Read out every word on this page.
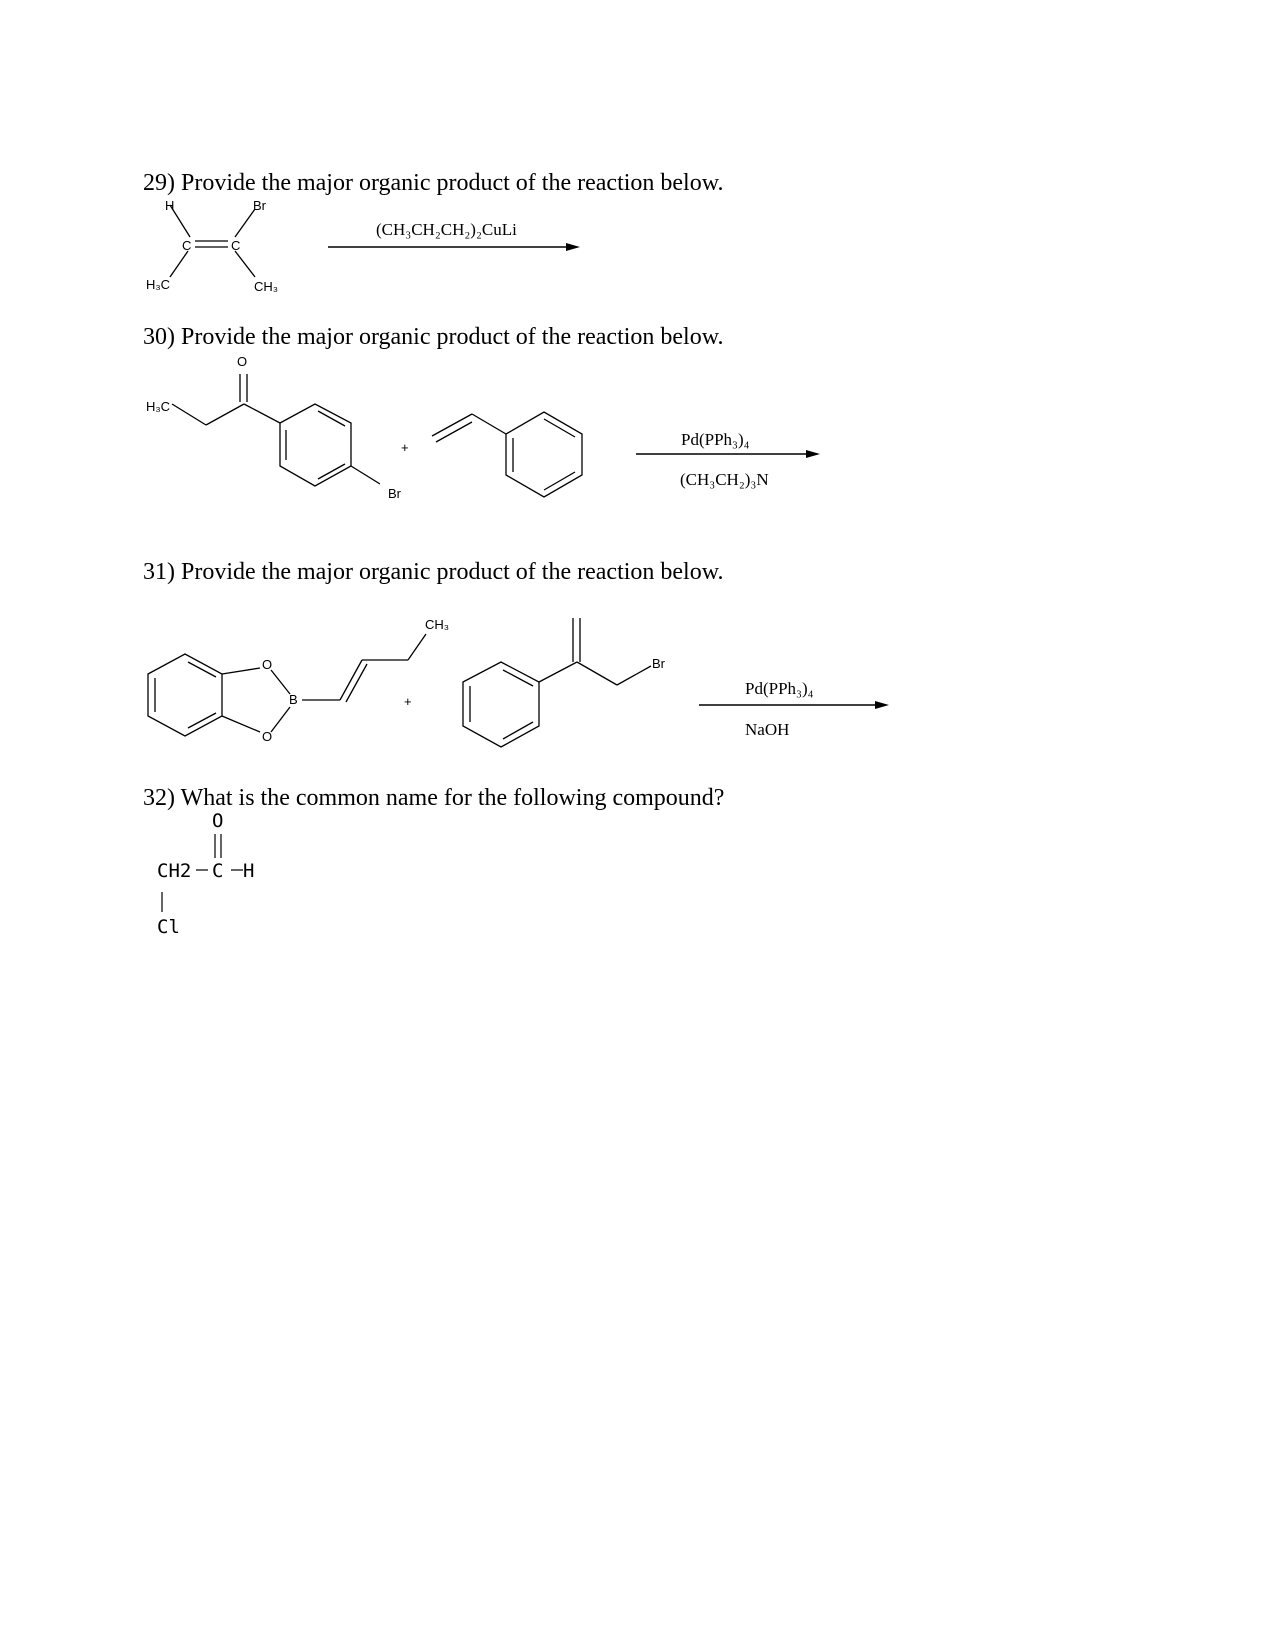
29) Provide the major organic product of the reaction below.
H	Br
C	C
H₃C	CH₃
(CH₃CH₂CH₂)₂CuLi
30) Provide the major organic product of the reaction below.
O
H₃C
+
Br
Pd(PPh₃)₄
(CH₃CH₂)₃N
31) Provide the major organic product of the reaction below.
O
B
O
CH₃
+
Br
Pd(PPh₃)₄
NaOH
32) What is the common name for the following compound?
O
CH2 C H
Cl
